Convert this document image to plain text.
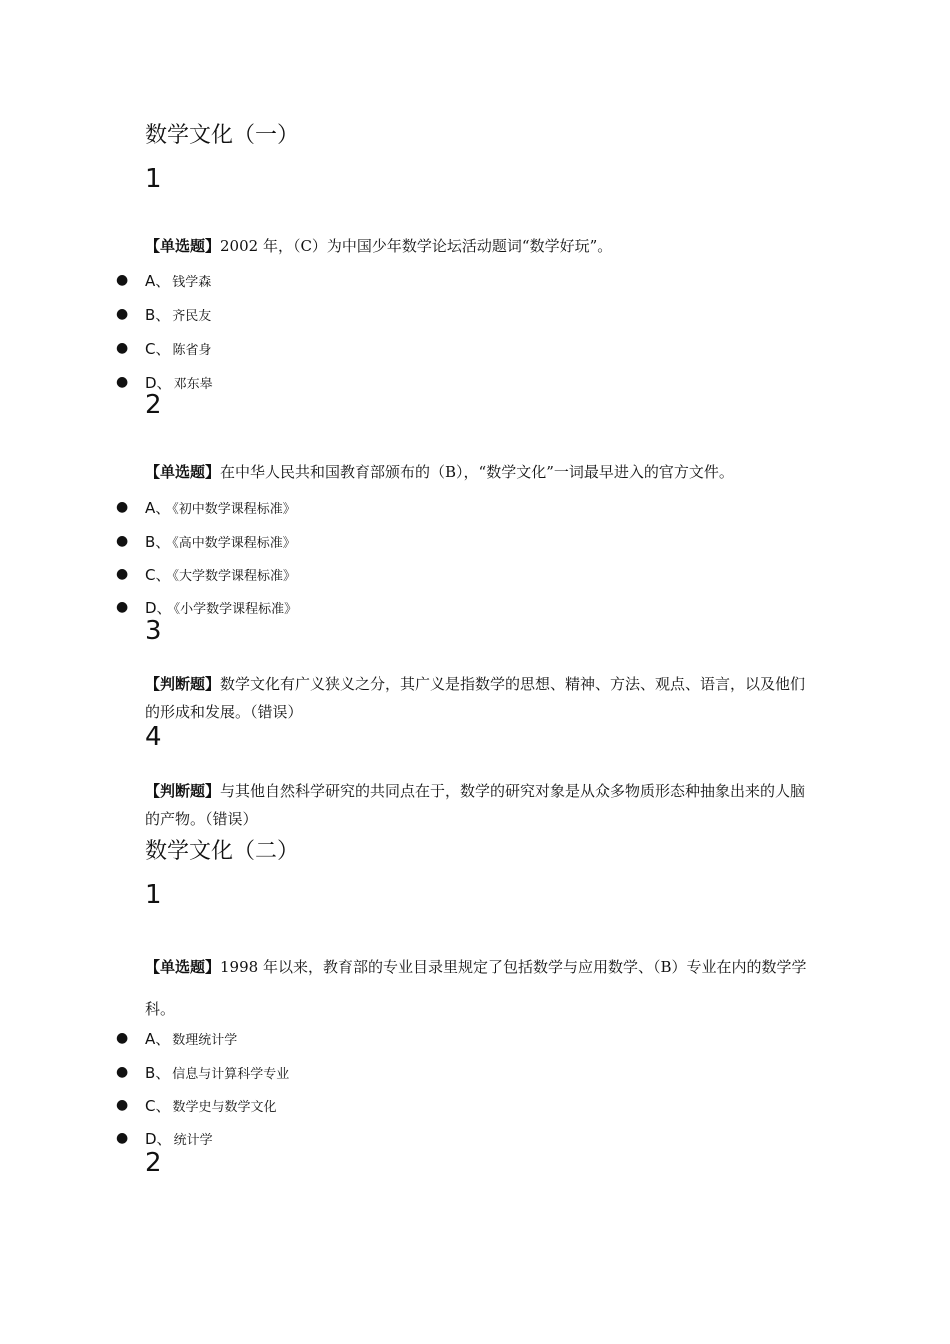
数学文化（一）
1
【单选题】2002 年，（C）为中国少年数学论坛活动题词“数学好玩”。
● A、 钱学森
● B、 齐民友
● C、 陈省身
● D、 邓东皋
2
【单选题】在中华人民共和国教育部颁布的（B），“数学文化”一词最早进入的官方文件。
● A、 《初中数学课程标准》
● B、 《高中数学课程标准》
● C、 《大学数学课程标准》
● D、 《小学数学课程标准》
3
【判断题】数学文化有广义狭义之分，其广义是指数学的思想、精神、方法、观点、语言，以及他们的形成和发展。（错误）
4
【判断题】与其他自然科学研究的共同点在于，数学的研究对象是从众多物质形态种抽象出来的人脑的产物。（错误）
数学文化（二）
1
【单选题】1998 年以来，教育部的专业目录里规定了包括数学与应用数学、（B）专业在内的数学学科。
● A、 数理统计学
● B、 信息与计算科学专业
● C、 数学史与数学文化
● D、 统计学
2
